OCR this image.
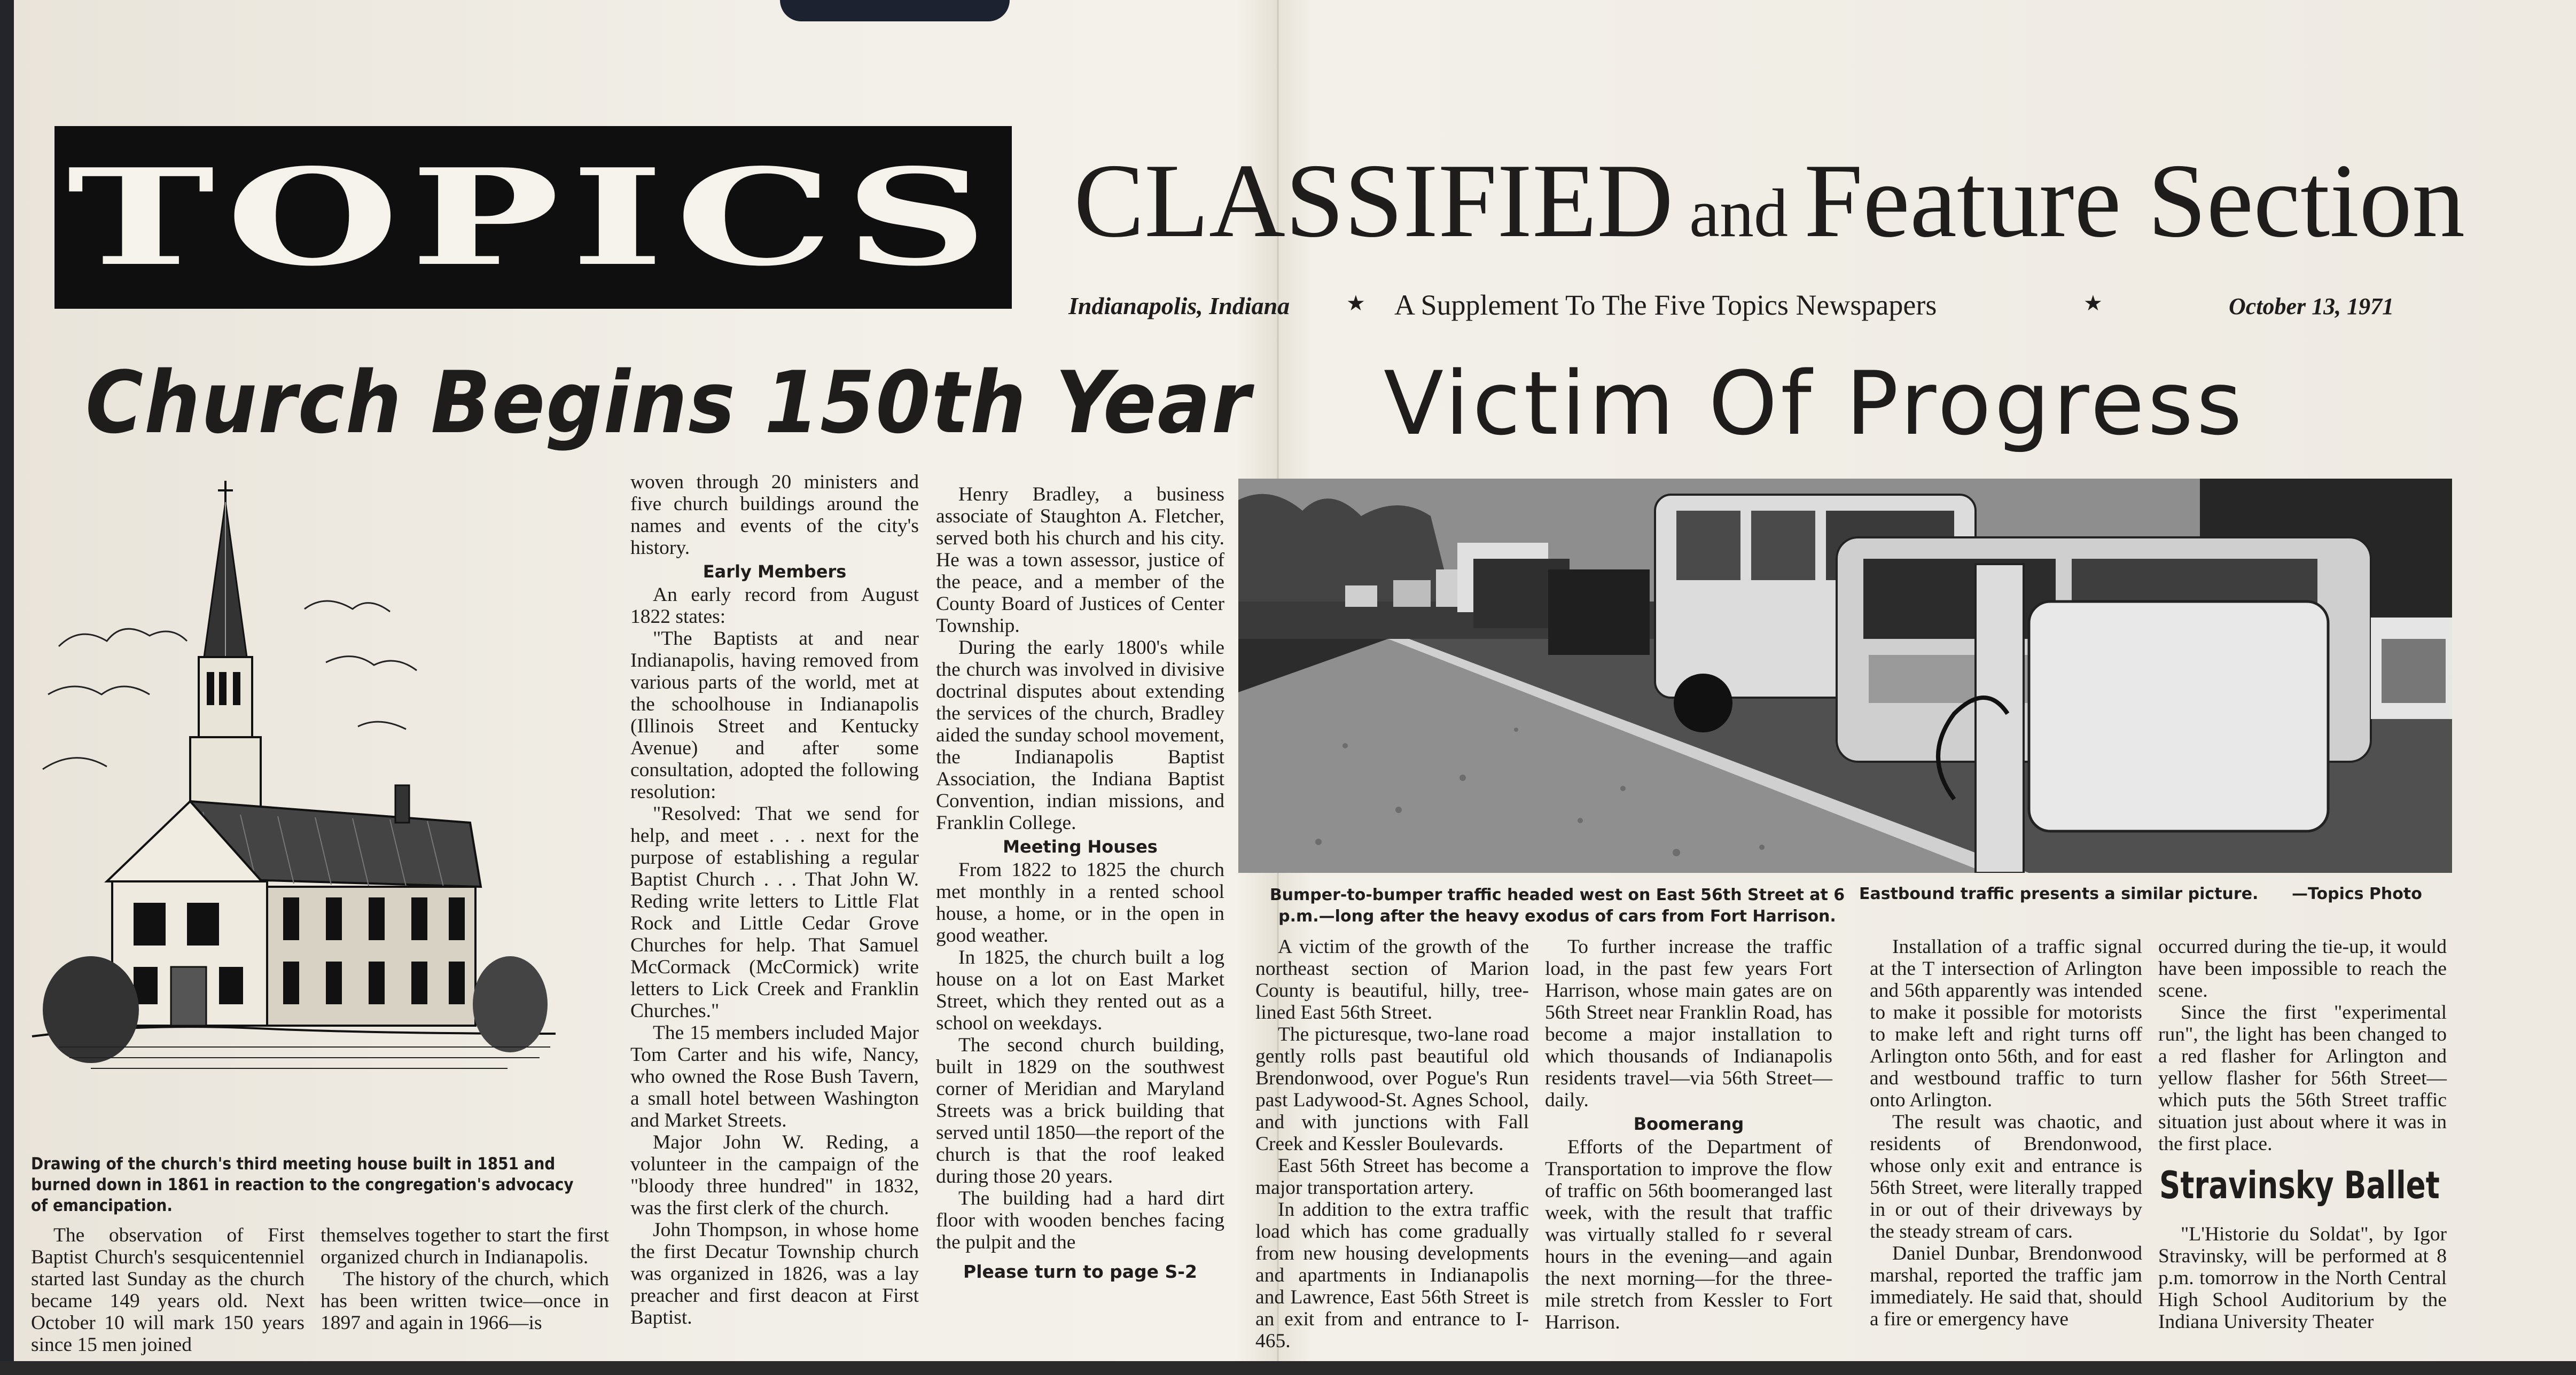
TOPICS CLASSIFIED and Feature Section
Indianapolis, Indiana	★ A Supplement To The Five Topics Newspapers	★	October 13, 1971
Church Begins 150th Year Victim Of Progress
Drawing of the church's third meeting house built in 1851 and burned down in 1861 in reaction to the congregation's advocacy of emancipation.

The observation of First Baptist Church's sesquicentenniel started last Sunday as the church became 149 years old. Next October 10 will mark 150 years since 15 men joined

themselves together to start the first organized church in Indianapolis.

The history of the church, which has been written twice—once in 1897 and again in 1966—is

woven through 20 ministers and five church buildings around the names and events of the city's history.

Early Members

An early record from August 1822 states:

"The Baptists at and near Indianapolis, having removed from various parts of the world, met at the schoolhouse in Indianapolis (Illinois Street and Kentucky Avenue) and after some consultation, adopted the following resolution:

"Resolved: That we send for help, and meet . . . next for the purpose of establishing a regular Baptist Church . . . That John W. Reding write letters to Little Flat Rock and Little Cedar Grove Churches for help. That Samuel McCormack (McCormick) write letters to Lick Creek and Franklin Churches."

The 15 members included Major Tom Carter and his wife, Nancy, who owned the Rose Bush Tavern, a small hotel between Washington and Market Streets.

Major John W. Reding, a volunteer in the campaign of the "bloody three hundred" in 1832, was the first clerk of the church.

John Thompson, in whose home the first Decatur Township church was organized in 1826, was a lay preacher and first deacon at First Baptist.

Henry Bradley, a business associate of Staughton A. Fletcher, served both his church and his city. He was a town assessor, justice of the peace, and a member of the County Board of Justices of Center Township.

During the early 1800's while the church was involved in divisive doctrinal disputes about extending the services of the church, Bradley aided the sunday school movement, the Indianapolis Baptist Association, the Indiana Baptist Convention, indian missions, and Franklin College.

Meeting Houses

From 1822 to 1825 the church met monthly in a rented school house, a home, or in the open in good weather.

In 1825, the church built a log house on a lot on East Market Street, which they rented out as a school on weekdays.

The second church building, built in 1829 on the southwest corner of Meridian and Maryland Streets was a brick building that served until 1850—the report of the church is that the roof leaked during those 20 years.

The building had a hard dirt floor with wooden benches facing the pulpit and the

Please turn to page S-2

Bumper-to-bumper traffic headed west on East 56th Street at 6 p.m.—long after the heavy exodus of cars from Fort Harrison.
Eastbound traffic presents a similar picture. —Topics Photo

A victim of the growth of the northeast section of Marion County is beautiful, hilly, tree-lined East 56th Street.

The picturesque, two-lane road gently rolls past beautiful old Brendonwood, over Pogue's Run past Ladywood-St. Agnes School, and with junctions with Fall Creek and Kessler Boulevards.

East 56th Street has become a major transportation artery.

In addition to the extra traffic load which has come gradually from new housing developments and apartments in Indianapolis and Lawrence, East 56th Street is an exit from and entrance to I-465.

To further increase the traffic load, in the past few years Fort Harrison, whose main gates are on 56th Street near Franklin Road, has become a major installation to which thousands of Indianapolis residents travel—via 56th Street—daily.

Boomerang

Efforts of the Department of Transportation to improve the flow of traffic on 56th boomeranged last week, with the result that traffic was virtually stalled fo r several hours in the evening—and again the next morning—for the three-mile stretch from Kessler to Fort Harrison.

Installation of a traffic signal at the T intersection of Arlington and 56th apparently was intended to make it possible for motorists to make left and right turns off Arlington onto 56th, and for east and westbound traffic to turn onto Arlington.

The result was chaotic, and residents of Brendonwood, whose only exit and entrance is 56th Street, were literally trapped in or out of their driveways by the steady stream of cars.

Daniel Dunbar, Brendonwood marshal, reported the traffic jam immediately. He said that, should a fire or emergency have

occurred during the tie-up, it would have been impossible to reach the scene.

Since the first "experimental run", the light has been changed to a red flasher for Arlington and yellow flasher for 56th Street—which puts the 56th Street traffic situation just about where it was in the first place.

Stravinsky Ballet

"L'Historie du Soldat", by Igor Stravinsky, will be performed at 8 p.m. tomorrow in the North Central High School Auditorium by the Indiana University Theater
